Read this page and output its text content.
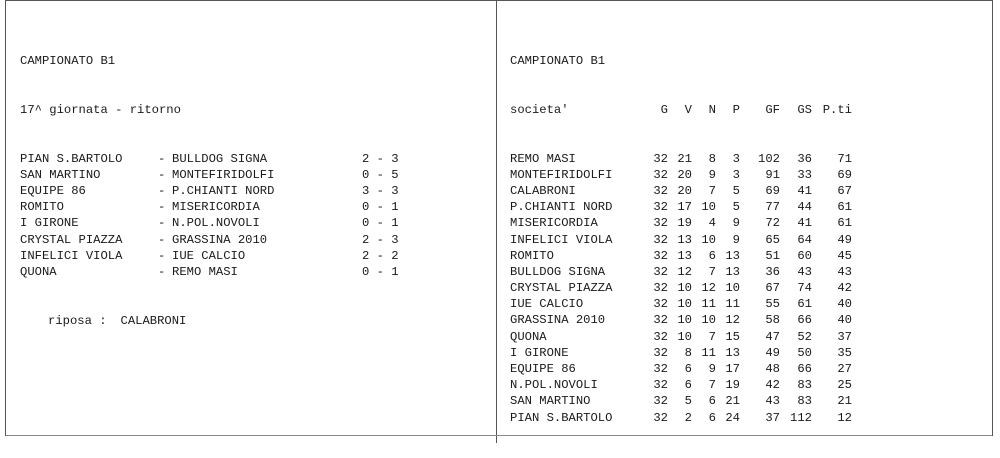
CAMPIONATO B1

17^ giornata - ritorno

PIAN S.BARTOLO	- BULLDOG SIGNA	2 - 3
SAN MARTINO	- MONTEFIRIDOLFI	0 - 5
EQUIPE 86	- P.CHIANTI NORD	3 - 3
ROMITO	- MISERICORDIA	0 - 1
I GIRONE	- N.POL.NOVOLI	0 - 1
CRYSTAL PIAZZA	- GRASSINA 2010	2 - 3
INFELICI VIOLA	- IUE CALCIO	2 - 2
QUONA	- REMO MASI	0 - 1

riposa : CALABRONI

CAMPIONATO B1

societa'	G	V	N	P	GF	GS P.ti

REMO MASI	32 21	8	3	102	36	71
MONTEFIRIDOLFI	32 20	9	3	91	33	69
CALABRONI	32 20	7	5	69	41	67
P.CHIANTI NORD	32 17 10	5	77	44	61
MISERICORDIA	32 19	4	9	72	41	61
INFELICI VIOLA	32 13 10	9	65	64	49
ROMITO	32 13	6 13	51	60	45
BULLDOG SIGNA	32 12	7 13	36	43	43
CRYSTAL PIAZZA	32 10 12 10	67	74	42
IUE CALCIO	32 10 11 11	55	61	40
GRASSINA 2010	32 10 10 12	58	66	40
QUONA	32 10	7 15	47	52	37
I GIRONE	32	8 11 13	49	50	35
EQUIPE 86	32	6	9 17	48	66	27
N.POL.NOVOLI	32	6	7 19	42	83	25
SAN MARTINO	32	5	6 21	43	83	21
PIAN S.BARTOLO	32	2	6 24	37 112	12
